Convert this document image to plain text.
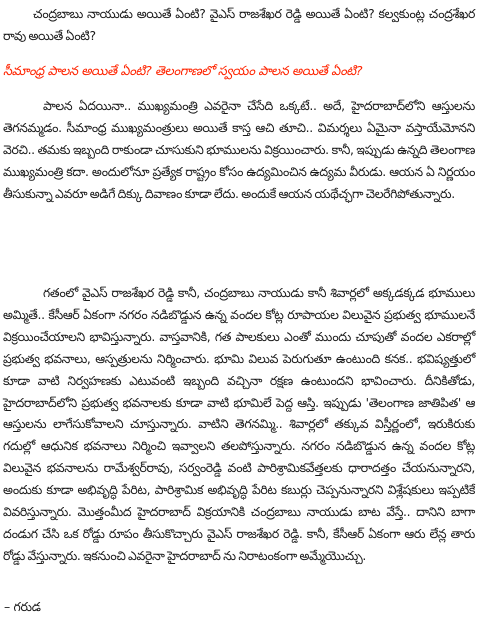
చంద్రబాబు నాయుడు అయితే ఏంటి? వైఎస్ రాజశేఖర రెడ్డి అయితే ఏంటి? కల్వకుంట్ల చంద్రశేఖర రావు అయితే ఏంటి?
సీమాంధ్ర పాలన అయితే ఏంటి? తెలంగాణలో స్వయం పాలన అయితే ఏంటి?
పాలన ఏదయినా.. ముఖ్యమంత్రి ఎవరైనా చేసేది ఒక్కటే.. అదే, హైదరాబాద్‌లోని ఆస్తులను తెగనమ్మడం. సీమాంధ్ర ముఖ్యమంత్రులు అయితే కాస్త ఆచి తూచి.. విమర్శలు ఏమైనా వస్తాయేమోనని వెరచి.. తమకు ఇబ్బంది రాకుండా చూసుకుని భూములను విక్రయించారు. కానీ, ఇప్పుడు ఉన్నది తెలంగాణ ముఖ్యమంత్రి కదా. అందులోనూ ప్రత్యేక రాష్ట్రం కోసం ఉద్యమించిన ఉద్యమ వీరుడు. ఆయన ఏ నిర్ణయం తీసుకున్నా ఎవరూ అడిగే దిక్కు దివాణం కూడా లేదు. అందుకే ఆయన యథేచ్ఛగా చెలరేగిపోతున్నారు.
గతంలో వైఎస్ రాజశేఖర రెడ్డి కానీ, చంద్రబాబు నాయుడు కానీ శివార్లలో అక్కడక్కడ భూములు అమ్మితే.. కేసీఆర్ ఏకంగా నగరం నడిబొడ్డున ఉన్న వందల కోట్ల రూపాయల విలువైన ప్రభుత్వ భూములనే విక్రయించేయాలని భావిస్తున్నారు. వాస్తవానికి, గత పాలకులు ఎంతో ముందు చూపుతో వందల ఎకరాల్లో ప్రభుత్వ భవనాలు, ఆస్పత్రులను నిర్మించారు. భూమి విలువ పెరుగుతూ ఉంటుంది కనక.. భవిష్యత్తులో కూడా వాటి నిర్వహణకు ఎటువంటి ఇబ్బంది వచ్చినా రక్షణ ఉంటుందని భావించారు. దీనికితోడు, హైదరాబాద్‌లోని ప్రభుత్వ భవనాలకు కూడా వాటి భూమిలే పెద్ద ఆస్తి. ఇప్పుడు 'తెలంగాణ జాతిపిత' ఆ ఆస్తులను లాగేసుకోవాలని చూస్తున్నారు. వాటిని తెగనమ్మి.. శివార్లలో తక్కువ విస్తీర్ణంలో, ఇరుకిరుకు గదుల్లో ఆధునిక భవనాలు నిర్మించి ఇవ్వాలని తలపోస్తున్నారు. నగరం నడిబొడ్డున ఉన్న వందల కోట్ల విలువైన భవనాలను రామేశ్వర్‌రావు, సర్వంరెడ్డి వంటి పారిశ్రామికవేత్తలకు ధారాదత్తం చేయనున్నారని, అందుకు కూడా అభివృద్ధి పేరిట, పారిశ్రామిక అభివృద్ధి పేరిట కబుర్లు చెప్పనున్నారని విశ్లేషకులు ఇప్పటికే వివరిస్తున్నారు. మొత్తంమీద హైదరాబాద్ విక్రయానికి చంద్రబాబు నాయుడు బాట వేస్తే.. దానిని బాగా దండుగ చేసి ఒక రోడ్డు రూపం తీసుకొచ్చారు వైఎస్ రాజశేఖర రెడ్డి. కానీ, కేసీఆర్ ఏకంగా ఆరు లేన్ల తారు రోడ్డు వేస్తున్నారు. ఇకనుంచి ఎవరైనా హైదరాబాద్ ను నిరాటంకంగా అమ్మేయొచ్చు.
– గరుడ
